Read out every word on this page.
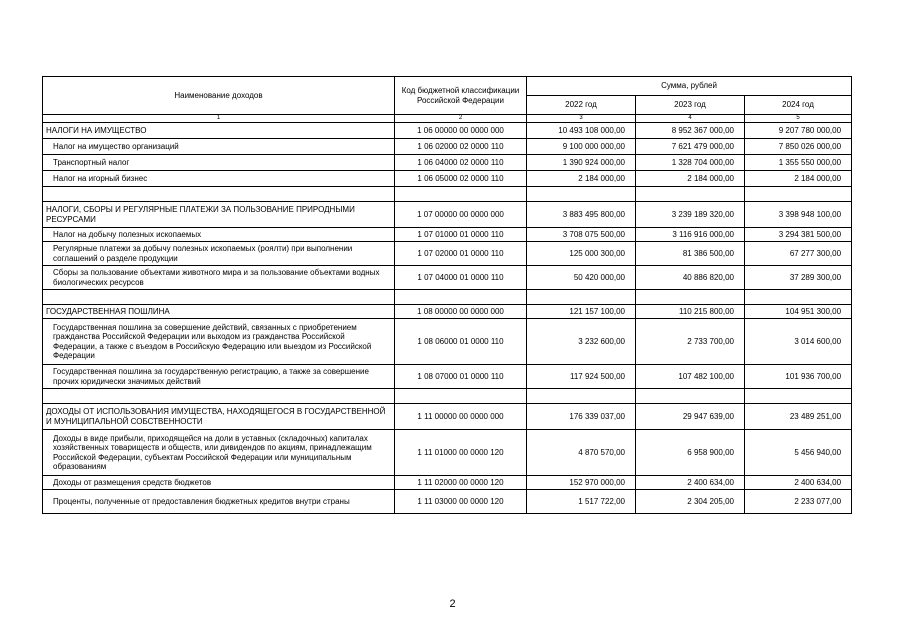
Наименование доходов	Код бюджетной классификации Российской Федерации	Сумма, рублей		
		2022 год	2023 год	2024 год
1	2	3	4	5
НАЛОГИ НА ИМУЩЕСТВО	1 06 00000 00 0000 000	10 493 108 000,00	8 952 367 000,00	9 207 780 000,00
Налог на имущество организаций	1 06 02000 02 0000 110	9 100 000 000,00	7 621 479 000,00	7 850 026 000,00
Транспортный налог	1 06 04000 02 0000 110	1 390 924 000,00	1 328 704 000,00	1 355 550 000,00
Налог на игорный бизнес	1 06 05000 02 0000 110	2 184 000,00	2 184 000,00	2 184 000,00

НАЛОГИ, СБОРЫ И РЕГУЛЯРНЫЕ ПЛАТЕЖИ ЗА ПОЛЬЗОВАНИЕ ПРИРОДНЫМИ РЕСУРСАМИ	1 07 00000 00 0000 000	3 883 495 800,00	3 239 189 320,00	3 398 948 100,00
Налог на добычу полезных ископаемых	1 07 01000 01 0000 110	3 708 075 500,00	3 116 916 000,00	3 294 381 500,00
Регулярные платежи за добычу полезных ископаемых (роялти) при выполнении соглашений о разделе продукции	1 07 02000 01 0000 110	125 000 300,00	81 386 500,00	67 277 300,00
Сборы за пользование объектами животного мира и за пользование объектами водных биологических ресурсов	1 07 04000 01 0000 110	50 420 000,00	40 886 820,00	37 289 300,00

ГОСУДАРСТВЕННАЯ ПОШЛИНА	1 08 00000 00 0000 000	121 157 100,00	110 215 800,00	104 951 300,00
Государственная пошлина за совершение действий, связанных с приобретением гражданства Российской Федерации или выходом из гражданства Российской Федерации, а также с въездом в Российскую Федерацию или выездом из Российской Федерации	1 08 06000 01 0000 110	3 232 600,00	2 733 700,00	3 014 600,00
Государственная пошлина за государственную регистрацию, а также за совершение прочих юридически значимых действий	1 08 07000 01 0000 110	117 924 500,00	107 482 100,00	101 936 700,00

ДОХОДЫ ОТ ИСПОЛЬЗОВАНИЯ ИМУЩЕСТВА, НАХОДЯЩЕГОСЯ В ГОСУДАРСТВЕННОЙ И МУНИЦИПАЛЬНОЙ СОБСТВЕННОСТИ	1 11 00000 00 0000 000	176 339 037,00	29 947 639,00	23 489 251,00
Доходы в виде прибыли, приходящейся на доли в уставных (складочных) капиталах хозяйственных товариществ и обществ, или дивидендов по акциям, принадлежащим Российской Федерации, субъектам Российской Федерации или муниципальным образованиям	1 11 01000 00 0000 120	4 870 570,00	6 958 900,00	5 456 940,00
Доходы от размещения средств бюджетов	1 11 02000 00 0000 120	152 970 000,00	2 400 634,00	2 400 634,00
Проценты, полученные от предоставления бюджетных кредитов внутри страны	1 11 03000 00 0000 120	1 517 722,00	2 304 205,00	2 233 077,00
2
